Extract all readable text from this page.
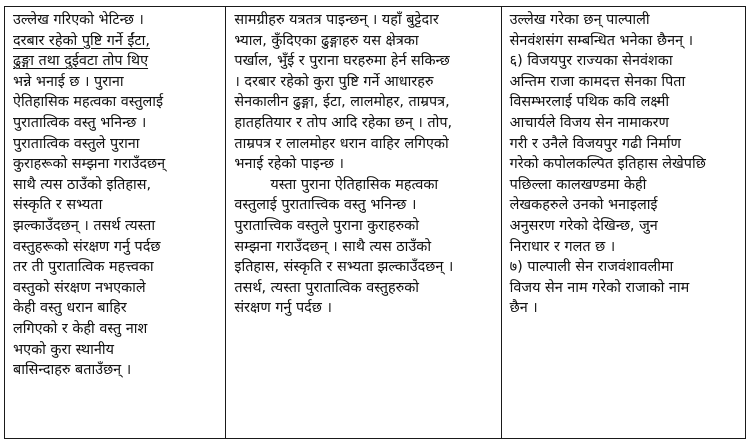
उल्लेख गरिएको भेटिन्छ ।
दरबार रहेको पुष्टि गर्ने ईंटा,
ढुङ्गा तथा दुईवटा तोप थिए
भन्ने भनाई छ । पुराना
ऐतिहासिक महत्वका वस्तुलाई
पुरातात्विक वस्तु भनिन्छ ।
पुरातात्विक वस्तुले पुराना
कुराहरूको सम्झना गराउँदछन्
साथै त्यस ठाउँको इतिहास,
संस्कृति र सभ्यता
झल्काउँदछन् । तसर्थ त्यस्ता
वस्तुहरूको संरक्षण गर्नु पर्दछ
तर ती पुरातात्विक महत्त्वका
वस्तुको संरक्षण नभएकाले
केही वस्तु धरान बाहिर
लगिएको र केही वस्तु नाश
भएको कुरा स्थानीय
बासिन्दाहरु बताउँछन् ।
सामग्रीहरु यत्रतत्र पाइन्छन् । यहाँ बुट्टेदार
भ्याल, कुँदिएका ढुङ्गाहरु यस क्षेत्रका
पर्खाल, भुँई र पुराना घरहरुमा हेर्न सकिन्छ
। दरबार रहेको कुरा पुष्टि गर्ने आधारहरु
सेनकालीन ढुङ्गा, ईटा, लालमोहर, ताम्रपत्र,
हातहतियार र तोप आदि रहेका छन् । तोप,
ताम्रपत्र र लालमोहर धरान वाहिर लगिएको
भनाई रहेको पाइन्छ ।
यस्ता पुराना ऐतिहासिक महत्वका
वस्तुलाई पुरातात्त्विक वस्तु भनिन्छ ।
पुरातात्त्विक वस्तुले पुराना कुराहरुको
सम्झना गराउँदछन् । साथै त्यस ठाउँको
इतिहास, संस्कृति र सभ्यता झल्काउँदछन् ।
तसर्थ, त्यस्ता पुरातात्विक वस्तुहरुको
संरक्षण गर्नु पर्दछ ।
उल्लेख गरेका छन् पाल्पाली
सेनवंशसंग सम्बन्धित भनेका छैनन् ।
६) विजयपुर राज्यका सेनवंशका
अन्तिम राजा कामदत्त सेनका पिता
विसम्भरलाई पथिक कवि लक्ष्मी
आचार्यले विजय सेन नामाकरण
गरी र उनैले विजयपुर गढी निर्माण
गरेको कपोलकल्पित इतिहास लेखेपछि
पछिल्ला कालखण्डमा केही
लेखकहरुले उनको भनाइलाई
अनुसरण गरेको देखिन्छ, जुन
निराधार र गलत छ ।
७) पाल्पाली सेन राजवंशावलीमा
विजय सेन नाम गरेको राजाको नाम
छैन ।
